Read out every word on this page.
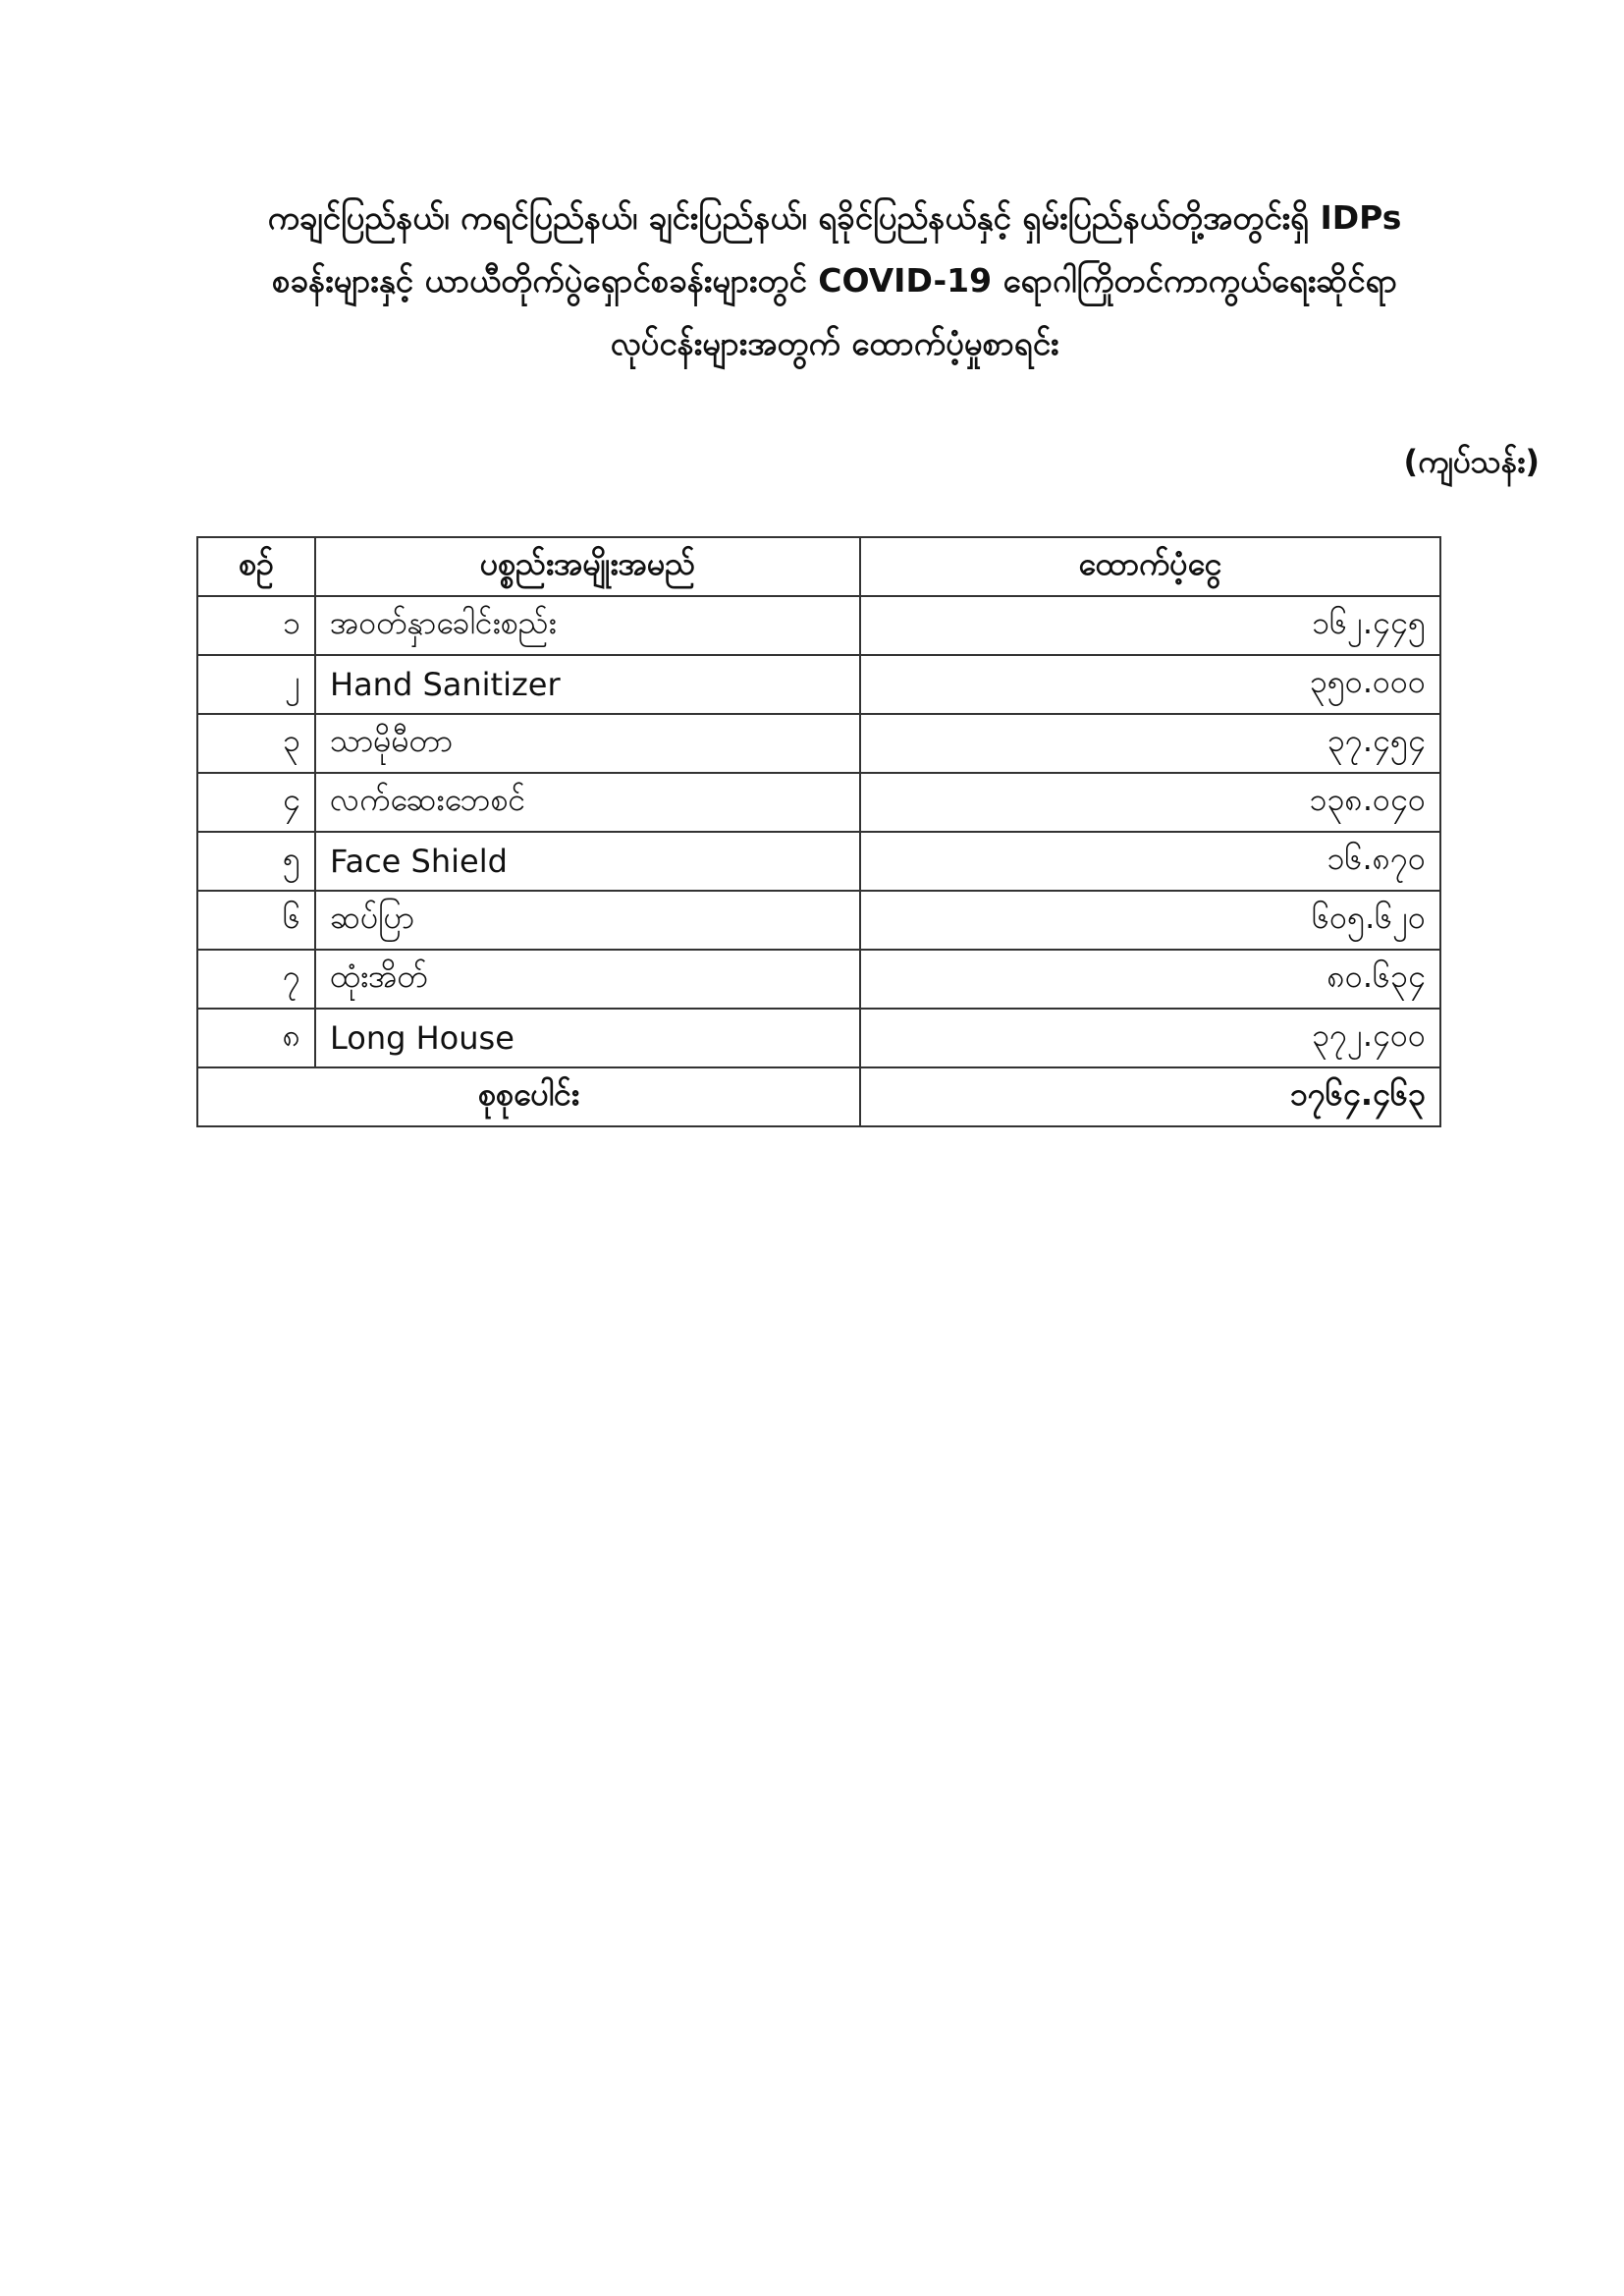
ကချင်ပြည်နယ်၊ ကရင်ပြည်နယ်၊ ချင်းပြည်နယ်၊ ရခိုင်ပြည်နယ်နှင့် ရှမ်းပြည်နယ်တို့အတွင်းရှိ IDPs
စခန်းများနှင့် ယာယီတိုက်ပွဲရှောင်စခန်းများတွင် COVID-19 ရောဂါကြိုတင်ကာကွယ်ရေးဆိုင်ရာ
လုပ်ငန်းများအတွက် ထောက်ပံ့မှုစာရင်း
(ကျပ်သန်း)
စဉ်	ပစ္စည်းအမျိုးအမည်	ထောက်ပံ့ငွေ
၁	အဝတ်နှာခေါင်းစည်း	၁၆၂.၄၄၅
၂	Hand Sanitizer	၃၅၀.၀၀၀
၃	သာမိုမီတာ	၃၇.၄၅၄
၄	လက်ဆေးဘေစင်	၁၃၈.၀၄၀
၅	Face Shield	၁၆.၈၇၀
၆	ဆပ်ပြာ	၆၀၅.၆၂၀
၇	ထုံးအိတ်	၈၀.၆၃၄
၈	Long House	၃၇၂.၄၀၀
စုစုပေါင်း		၁၇၆၄.၄၆၃
